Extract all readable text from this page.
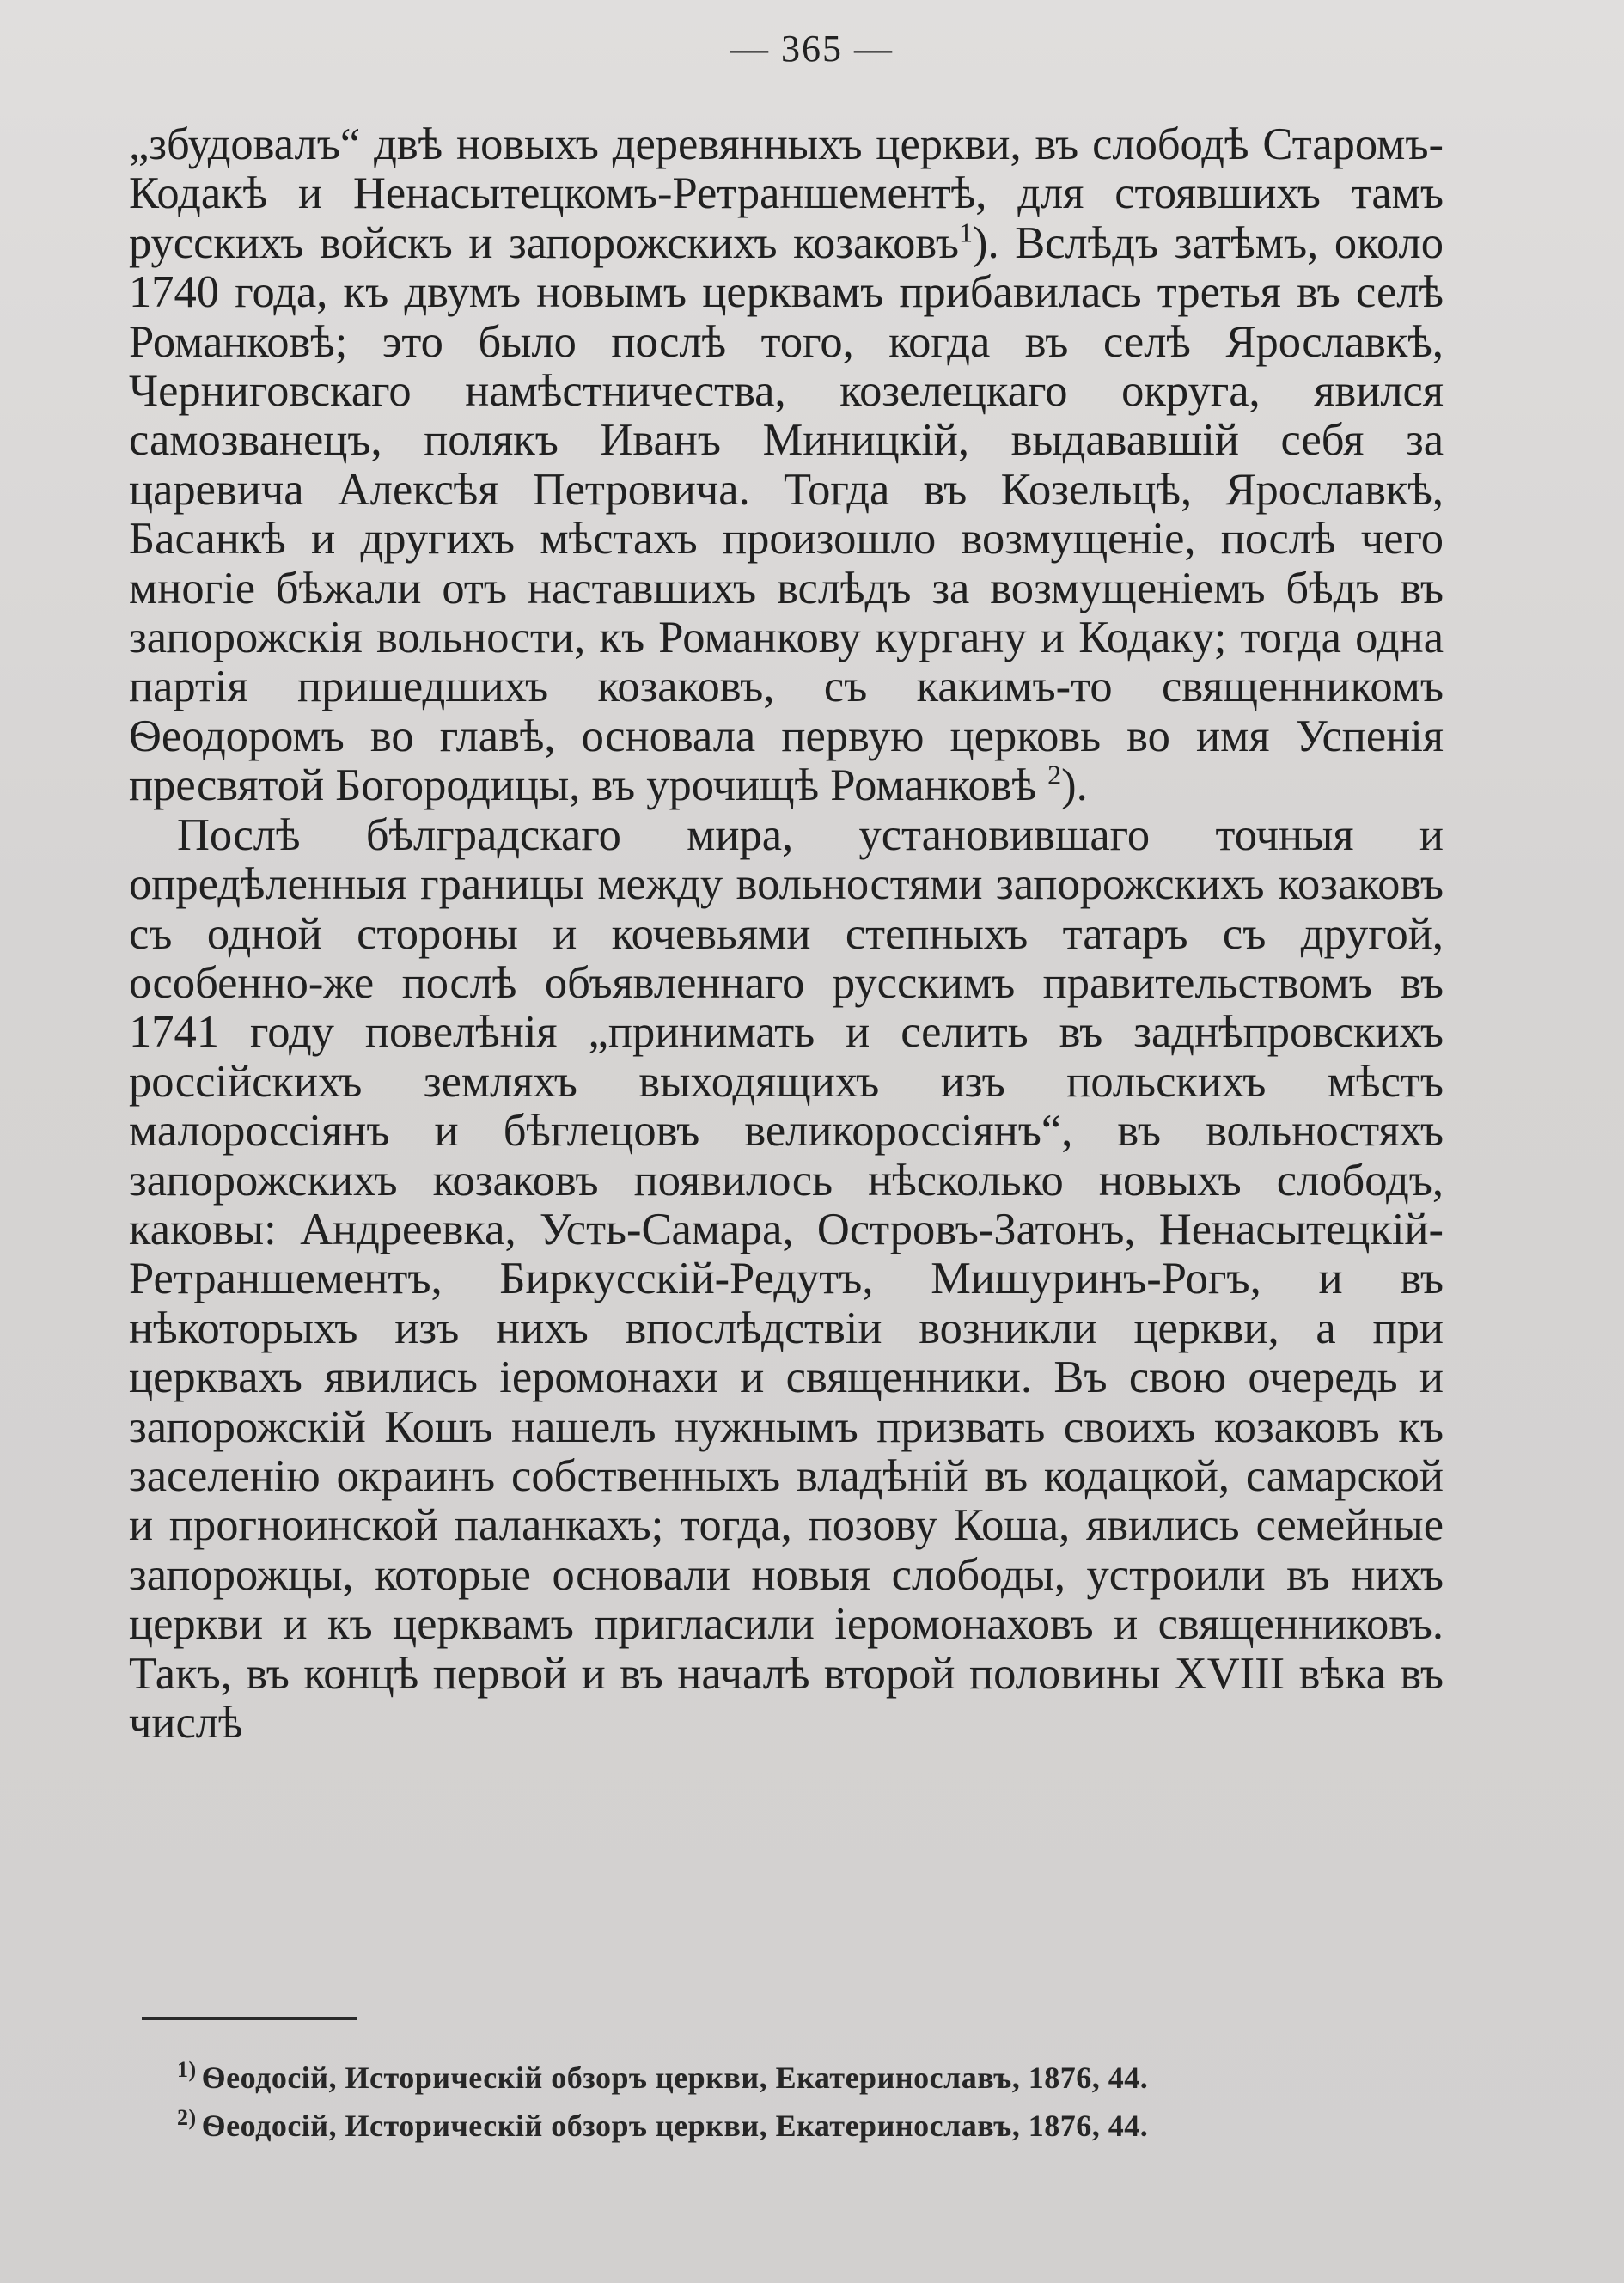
— 365 —

„збудовалъ“ двѣ новыхъ деревянныхъ церкви, въ слободѣ Старомъ-Кодакѣ и Ненасытецкомъ-Ретраншементѣ, для стоявшихъ тамъ русскихъ войскъ и запорожскихъ козаковъ$^1$). Вслѣдъ затѣмъ, около 1740 года, къ двумъ новымъ церквамъ прибавилась третья въ селѣ Романковѣ; это было послѣ того, когда въ селѣ Ярославкѣ, Черниговскаго намѣстничества, козелецкаго округа, явился самозванецъ, полякъ Иванъ Миницкій, выдававшій себя за царевича Алексѣя Петровича. Тогда въ Козельцѣ, Ярославкѣ, Басанкѣ и другихъ мѣстахъ произошло возмущеніе, послѣ чего многіе бѣжали отъ наставшихъ вслѣдъ за возмущеніемъ бѣдъ въ запорожскія вольности, къ Романкову кургану и Кодаку; тогда одна партія пришедшихъ козаковъ, съ какимъ-то священникомъ Ѳеодоромъ во главѣ, основала первую церковь во имя Успенія пресвятой Богородицы, въ урочищѣ Романковѣ $^2$).

Послѣ бѣлградскаго мира, установившаго точныя и опредѣленныя границы между вольностями запорожскихъ козаковъ съ одной стороны и кочевьями степныхъ татаръ съ другой, особенно-же послѣ объявленнаго русскимъ правительствомъ въ 1741 году повелѣнія „принимать и селить въ заднѣпровскихъ россійскихъ земляхъ выходящихъ изъ польскихъ мѣстъ малороссіянъ и бѣглецовъ великороссіянъ“, въ вольностяхъ запорожскихъ козаковъ появилось нѣсколько новыхъ слободъ, каковы: Андреевка, Усть-Самара, Островъ-Затонъ, Ненасытецкій-Ретраншементъ, Биркусскій-Редутъ, Мишуринъ-Рогъ, и въ нѣкоторыхъ изъ нихъ впослѣдствіи возникли церкви, а при церквахъ явились іеромонахи и священники. Въ свою очередь и запорожскій Кошъ нашелъ нужнымъ призвать своихъ козаковъ къ заселенію окраинъ собственныхъ владѣній въ кодацкой, самарской и прогноинской паланкахъ; тогда, позову Коша, явились семейные запорожцы, которые основали новыя слободы, устроили въ нихъ церкви и къ церквамъ пригласили іеромонаховъ и священниковъ. Такъ, въ концѣ первой и въ началѣ второй половины XVIII вѣка въ числѣ

$^{1)}$ Ѳеодосій, Историческій обзоръ церкви, Екатеринославъ, 1876, 44.

$^{2)}$ Ѳеодосій, Историческій обзоръ церкви, Екатеринославъ, 1876, 44.
